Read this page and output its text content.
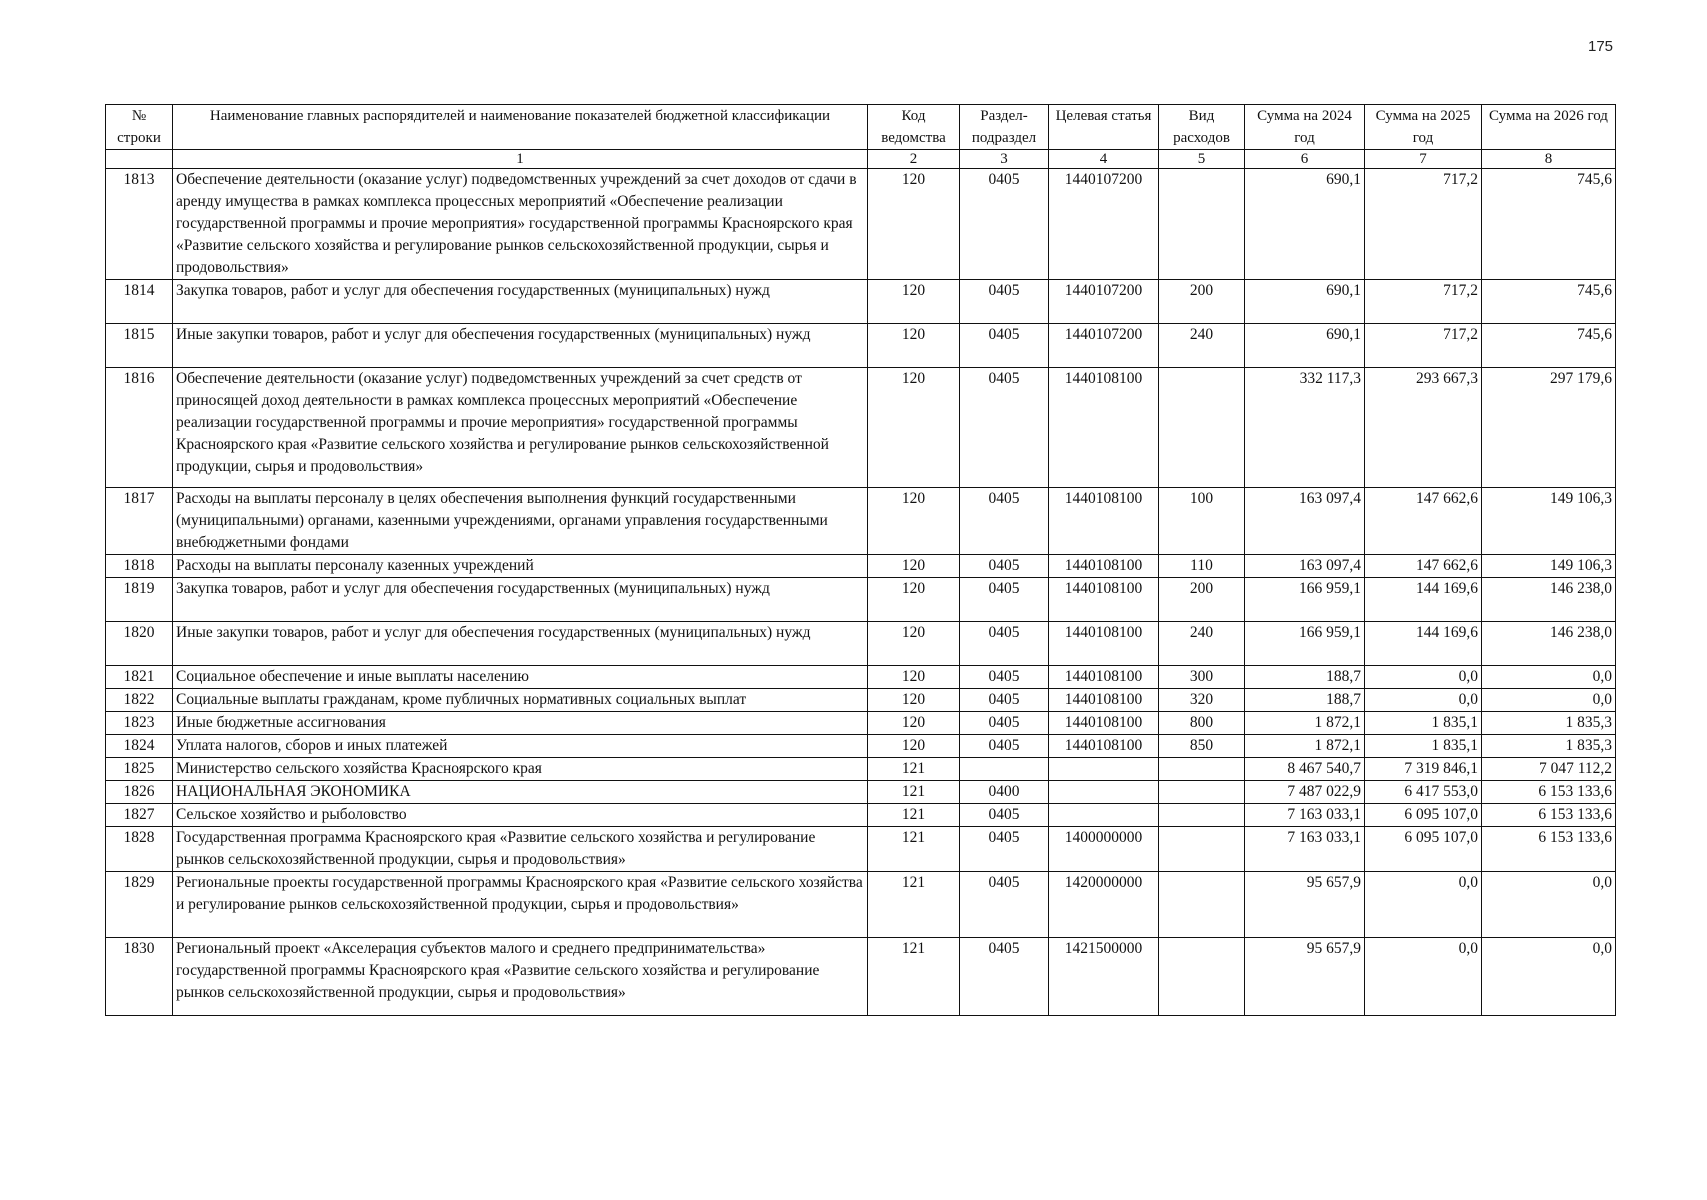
175
№ строки	Наименование главных распорядителей и наименование показателей бюджетной классификации	Код ведомства	Раздел-подраздел	Целевая статья	Вид расходов	Сумма на 2024 год	Сумма на 2025 год	Сумма на 2026 год
	1	2	3	4	5	6	7	8
1813	Обеспечение деятельности (оказание услуг) подведомственных учреждений за счет доходов от сдачи в аренду имущества в рамках комплекса процессных мероприятий «Обеспечение реализации государственной программы и прочие мероприятия» государственной программы Красноярского края «Развитие сельского хозяйства и регулирование рынков сельскохозяйственной продукции, сырья и продовольствия»	120	0405	1440107200		690,1	717,2	745,6
1814	Закупка товаров, работ и услуг для обеспечения государственных (муниципальных) нужд	120	0405	1440107200	200	690,1	717,2	745,6
1815	Иные закупки товаров, работ и услуг для обеспечения государственных (муниципальных) нужд	120	0405	1440107200	240	690,1	717,2	745,6
1816	Обеспечение деятельности (оказание услуг) подведомственных учреждений за счет средств от приносящей доход деятельности в рамках комплекса процессных мероприятий «Обеспечение реализации государственной программы и прочие мероприятия» государственной программы Красноярского края «Развитие сельского хозяйства и регулирование рынков сельскохозяйственной продукции, сырья и продовольствия»	120	0405	1440108100		332 117,3	293 667,3	297 179,6
1817	Расходы на выплаты персоналу в целях обеспечения выполнения функций государственными (муниципальными) органами, казенными учреждениями, органами управления государственными внебюджетными фондами	120	0405	1440108100	100	163 097,4	147 662,6	149 106,3
1818	Расходы на выплаты персоналу казенных учреждений	120	0405	1440108100	110	163 097,4	147 662,6	149 106,3
1819	Закупка товаров, работ и услуг для обеспечения государственных (муниципальных) нужд	120	0405	1440108100	200	166 959,1	144 169,6	146 238,0
1820	Иные закупки товаров, работ и услуг для обеспечения государственных (муниципальных) нужд	120	0405	1440108100	240	166 959,1	144 169,6	146 238,0
1821	Социальное обеспечение и иные выплаты населению	120	0405	1440108100	300	188,7	0,0	0,0
1822	Социальные выплаты гражданам, кроме публичных нормативных социальных выплат	120	0405	1440108100	320	188,7	0,0	0,0
1823	Иные бюджетные ассигнования	120	0405	1440108100	800	1 872,1	1 835,1	1 835,3
1824	Уплата налогов, сборов и иных платежей	120	0405	1440108100	850	1 872,1	1 835,1	1 835,3
1825	Министерство сельского хозяйства Красноярского края	121				8 467 540,7	7 319 846,1	7 047 112,2
1826	НАЦИОНАЛЬНАЯ ЭКОНОМИКА	121	0400			7 487 022,9	6 417 553,0	6 153 133,6
1827	Сельское хозяйство и рыболовство	121	0405			7 163 033,1	6 095 107,0	6 153 133,6
1828	Государственная программа Красноярского края «Развитие сельского хозяйства и регулирование рынков сельскохозяйственной продукции, сырья и продовольствия»	121	0405	1400000000		7 163 033,1	6 095 107,0	6 153 133,6
1829	Региональные проекты государственной программы Красноярского края «Развитие сельского хозяйства и регулирование рынков сельскохозяйственной продукции, сырья и продовольствия»	121	0405	1420000000		95 657,9	0,0	0,0
1830	Региональный проект «Акселерация субъектов малого и среднего предпринимательства» государственной программы Красноярского края «Развитие сельского хозяйства и регулирование рынков сельскохозяйственной продукции, сырья и продовольствия»	121	0405	1421500000		95 657,9	0,0	0,0
